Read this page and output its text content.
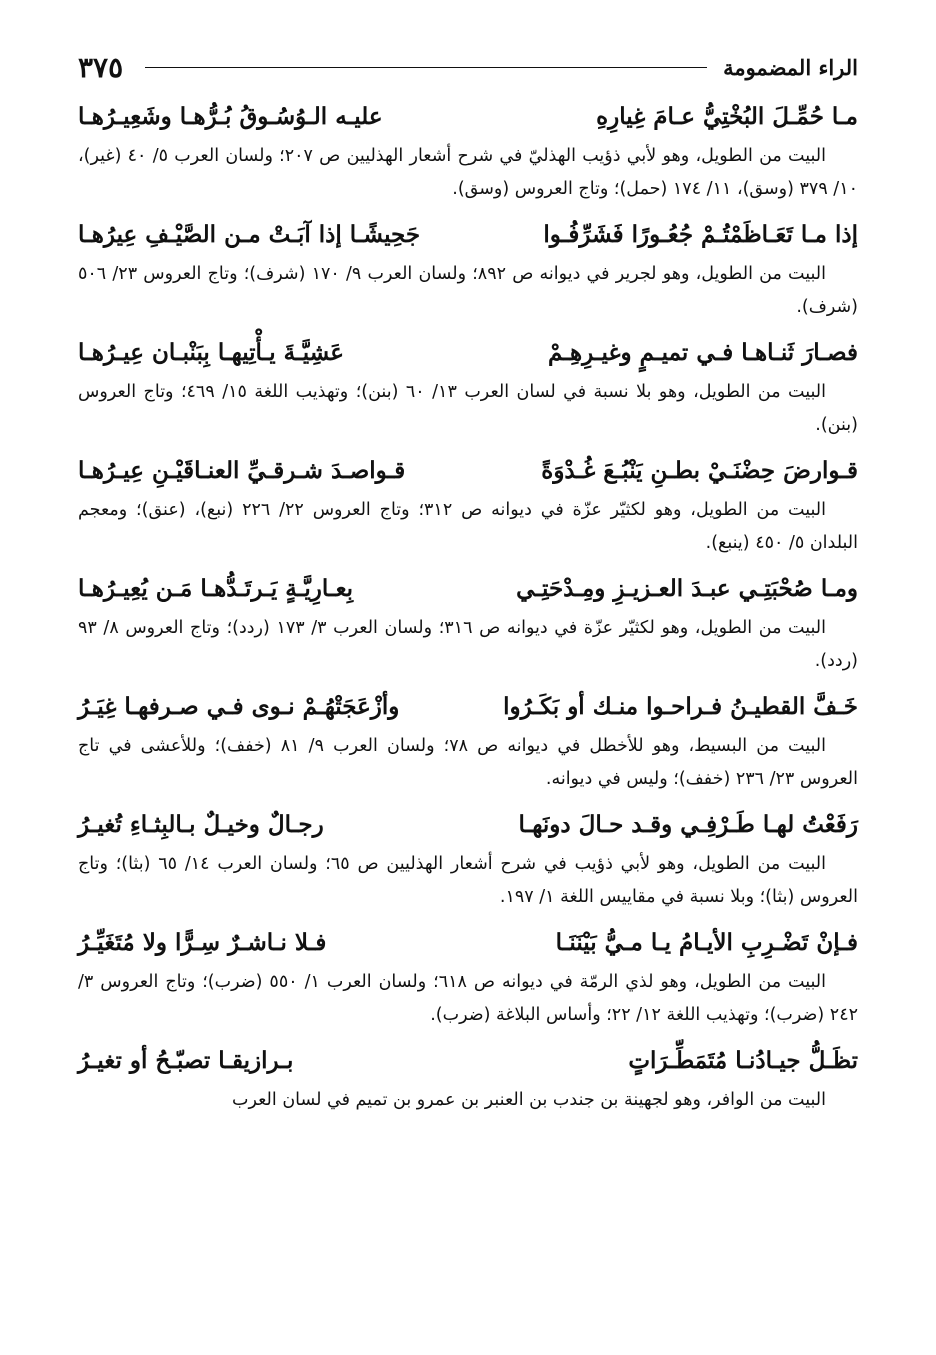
الراء المضمومة
٣٧٥
مـا حُمِّـلَ البُخْتِيُّ عـامَ غِيارِهِ
عليـه الـوُسُـوقُ بُـرُّهـا وشَعِيـرُهـا
البيت من الطويل، وهو لأبي ذؤيب الهذليّ في شرح أشعار الهذليين ص ٢٠٧؛ ولسان العرب ٥/ ٤٠ (غير)، ١٠/ ٣٧٩ (وسق)، ١١/ ١٧٤ (حمل)؛ وتاج العروس (وسق).
إذا مـا تَعَـاظَمْتُـمْ جُعُـورًا فَشَرِّفُـوا
جَحِيشًـا إذا آبَـتْ مـن الصَّيْـفِ عِيرُهـا
البيت من الطويل، وهو لجرير في ديوانه ص ٨٩٢؛ ولسان العرب ٩/ ١٧٠ (شرف)؛ وتاج العروس ٢٣/ ٥٠٦ (شرف).
فصـارَ ثَنـاهـا فـي تميـمٍ وغيـرِهِـمْ
عَشِيَّـةَ يـأْتِيهـا بِبَنْبـان عِيـرُهـا
البيت من الطويل، وهو بلا نسبة في لسان العرب ١٣/ ٦٠ (بنن)؛ وتهذيب اللغة ١٥/ ٤٦٩؛ وتاج العروس (بنن).
قـوارضَ حِضْنَـيْ بطـنِ يَنْبُـعَ غُـدْوَةً
قـواصـدَ شـرقـيِّ العنـاقَيْـنِ عِيـرُهـا
البيت من الطويل، وهو لكثيّر عزّة في ديوانه ص ٣١٢؛ وتاج العروس ٢٢/ ٢٢٦ (نبع)، (عنق)؛ ومعجم البلدان ٥/ ٤٥٠ (ينبع).
ومـا صُحْبَتِـي عبـدَ العـزيـزِ ومِـدْحَتِـي
بِعـارِيَّـةٍ يَـرتَـدُّهـا مَـن يُعِيـرُهـا
البيت من الطويل، وهو لكثيّر عزّة في ديوانه ص ٣١٦؛ ولسان العرب ٣/ ١٧٣ (ردد)؛ وتاج العروس ٨/ ٩٣ (ردد).
خَـفَّ القطيـنُ فـراحـوا منـك أو بَكَـرُوا
وأزْعَجَتْهُـمْ نـوى فـي صـرفهـا غِيَـرُ
البيت من البسيط، وهو للأخطل في ديوانه ص ٧٨؛ ولسان العرب ٩/ ٨١ (خفف)؛ وللأعشى في تاج العروس ٢٣/ ٢٣٦ (خفف)؛ وليس في ديوانه.
رَفَعْتُ لهـا طَـرْفِـي وقـد حـالَ دونَهـا
رجـالٌ وخيـلٌ بـالبِثـاءِ تُغيـرُ
البيت من الطويل، وهو لأبي ذؤيب في شرح أشعار الهذليين ص ٦٥؛ ولسان العرب ١٤/ ٦٥ (بثا)؛ وتاج العروس (بثا)؛ وبلا نسبة في مقاييس اللغة ١/ ١٩٧.
فـإنْ تَضْـرِبِ الأيـامُ يـا مـيُّ بَيْنَنَـا
فـلا نـاشـرٌ سِـرًّا ولا مُتَغَيِّـرُ
البيت من الطويل، وهو لذي الرمّة في ديوانه ص ٦١٨؛ ولسان العرب ١/ ٥٥٠ (ضرب)؛ وتاج العروس ٣/ ٢٤٢ (ضرب)؛ وتهذيب اللغة ١٢/ ٢٢؛ وأساس البلاغة (ضرب).
تظَـلُّ جيـادُنـا مُتَمَطِّـرَاتٍ
بـرازيقـا تصبّـحُ أو تغيـرُ
البيت من الوافر، وهو لجهينة بن جندب بن العنبر بن عمرو بن تميم في لسان العرب
